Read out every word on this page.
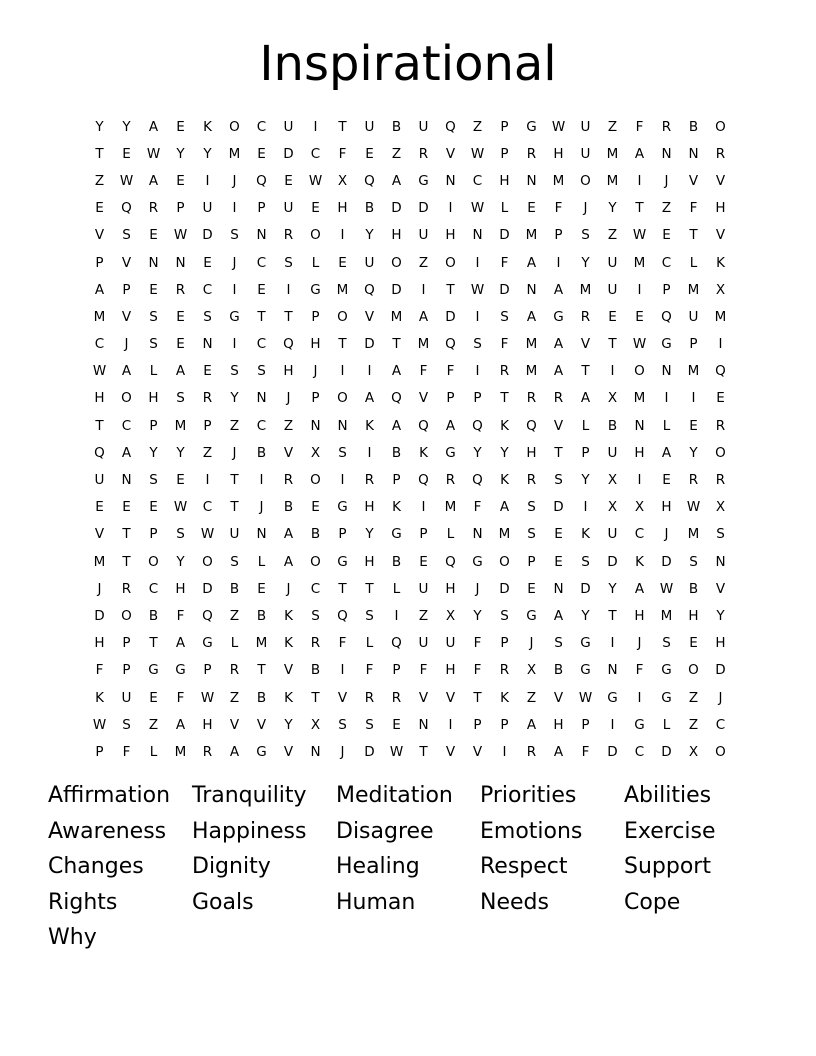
Inspirational
Y	Y	A	E	K	O	C	U	I	T	U	B	U	Q	Z	P	G	W	U	Z	F	R	B	O
T	E	W	Y	Y	M	E	D	C	F	E	Z	R	V	W	P	R	H	U	M	A	N	N	R
Z	W	A	E	I	J	Q	E	W	X	Q	A	G	N	C	H	N	M	O	M	I	J	V	V
E	Q	R	P	U	I	P	U	E	H	B	D	D	I	W	L	E	F	J	Y	T	Z	F	H
V	S	E	W	D	S	N	R	O	I	Y	H	U	H	N	D	M	P	S	Z	W	E	T	V
P	V	N	N	E	J	C	S	L	E	U	O	Z	O	I	F	A	I	Y	U	M	C	L	K
A	P	E	R	C	I	E	I	G	M	Q	D	I	T	W	D	N	A	M	U	I	P	M	X
M	V	S	E	S	G	T	T	P	O	V	M	A	D	I	S	A	G	R	E	E	Q	U	M
C	J	S	E	N	I	C	Q	H	T	D	T	M	Q	S	F	M	A	V	T	W	G	P	I
W	A	L	A	E	S	S	H	J	I	I	A	F	F	I	R	M	A	T	I	O	N	M	Q
H	O	H	S	R	Y	N	J	P	O	A	Q	V	P	P	T	R	R	A	X	M	I	I	E
T	C	P	M	P	Z	C	Z	N	N	K	A	Q	A	Q	K	Q	V	L	B	N	L	E	R
Q	A	Y	Y	Z	J	B	V	X	S	I	B	K	G	Y	Y	H	T	P	U	H	A	Y	O
U	N	S	E	I	T	I	R	O	I	R	P	Q	R	Q	K	R	S	Y	X	I	E	R	R
E	E	E	W	C	T	J	B	E	G	H	K	I	M	F	A	S	D	I	X	X	H	W	X
V	T	P	S	W	U	N	A	B	P	Y	G	P	L	N	M	S	E	K	U	C	J	M	S
M	T	O	Y	O	S	L	A	O	G	H	B	E	Q	G	O	P	E	S	D	K	D	S	N
J	R	C	H	D	B	E	J	C	T	T	L	U	H	J	D	E	N	D	Y	A	W	B	V
D	O	B	F	Q	Z	B	K	S	Q	S	I	Z	X	Y	S	G	A	Y	T	H	M	H	Y
H	P	T	A	G	L	M	K	R	F	L	Q	U	U	F	P	J	S	G	I	J	S	E	H
F	P	G	G	P	R	T	V	B	I	F	P	F	H	F	R	X	B	G	N	F	G	O	D
K	U	E	F	W	Z	B	K	T	V	R	R	V	V	T	K	Z	V	W	G	I	G	Z	J
W	S	Z	A	H	V	V	Y	X	S	S	E	N	I	P	P	A	H	P	I	G	L	Z	C
P	F	L	M	R	A	G	V	N	J	D	W	T	V	V	I	R	A	F	D	C	D	X	O
Affirmation Tranquility	Meditation	Priorities	Abilities
Awareness	Happiness	Disagree	Emotions	Exercise
Changes	Dignity	Healing	Respect	Support
Rights	Goals	Human	Needs	Cope
Why
